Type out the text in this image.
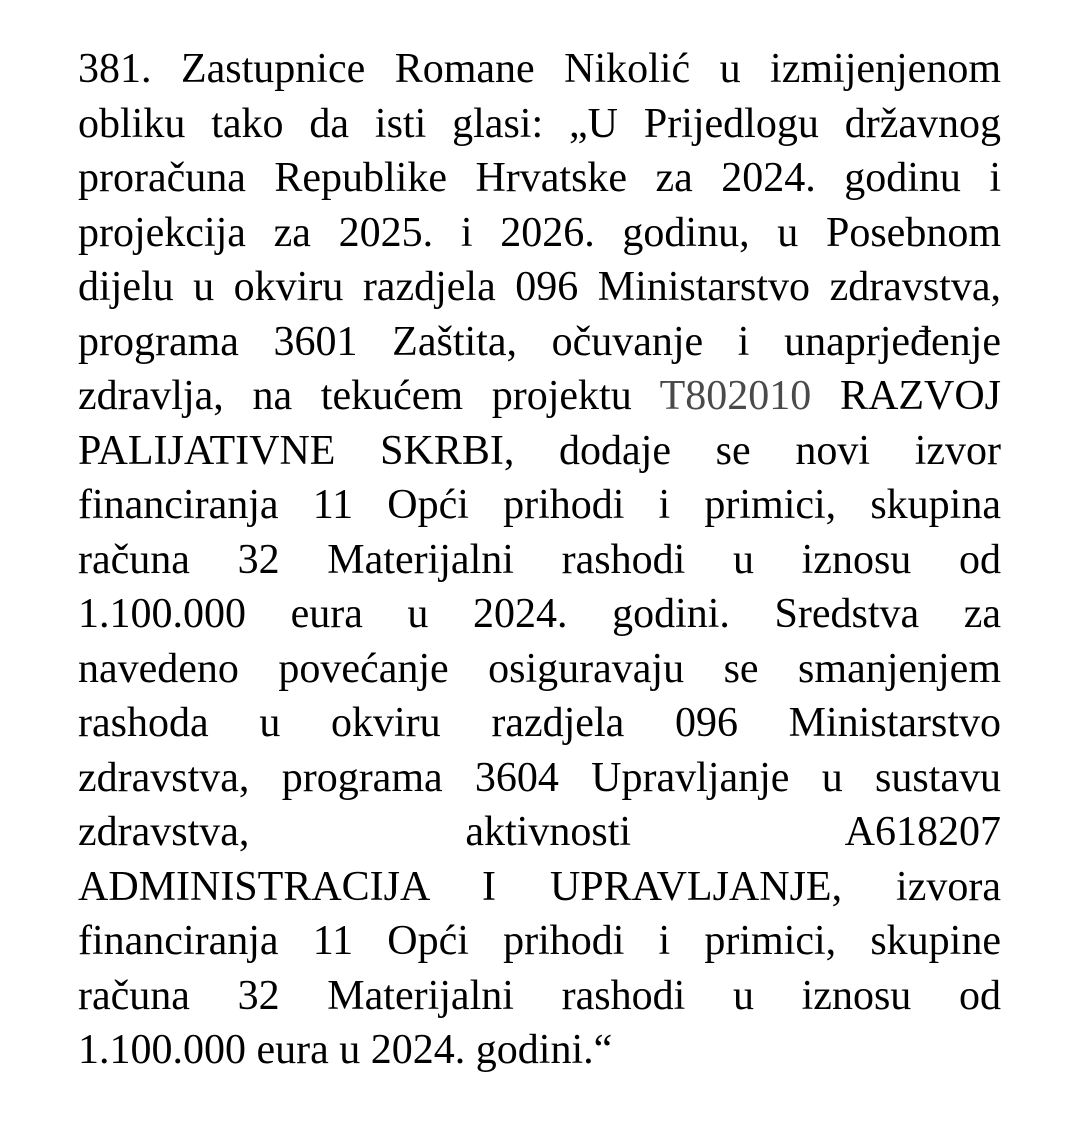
381. Zastupnice Romane Nikolić u izmijenjenom
obliku tako da isti glasi: „U Prijedlogu državnog
proračuna Republike Hrvatske za 2024. godinu i
projekcija za 2025. i 2026. godinu, u Posebnom
dijelu u okviru razdjela 096 Ministarstvo zdravstva,
programa 3601 Zaštita, očuvanje i unaprjeđenje
zdravlja, na tekućem projektu T802010 RAZVOJ
PALIJATIVNE SKRBI, dodaje se novi izvor
financiranja 11 Opći prihodi i primici, skupina
računa 32 Materijalni rashodi u iznosu od
1.100.000 eura u 2024. godini. Sredstva za
navedeno povećanje osiguravaju se smanjenjem
rashoda u okviru razdjela 096 Ministarstvo
zdravstva, programa 3604 Upravljanje u sustavu
zdravstva, aktivnosti A618207
ADMINISTRACIJA I UPRAVLJANJE, izvora
financiranja 11 Opći prihodi i primici, skupine
računa 32 Materijalni rashodi u iznosu od
1.100.000 eura u 2024. godini.“
